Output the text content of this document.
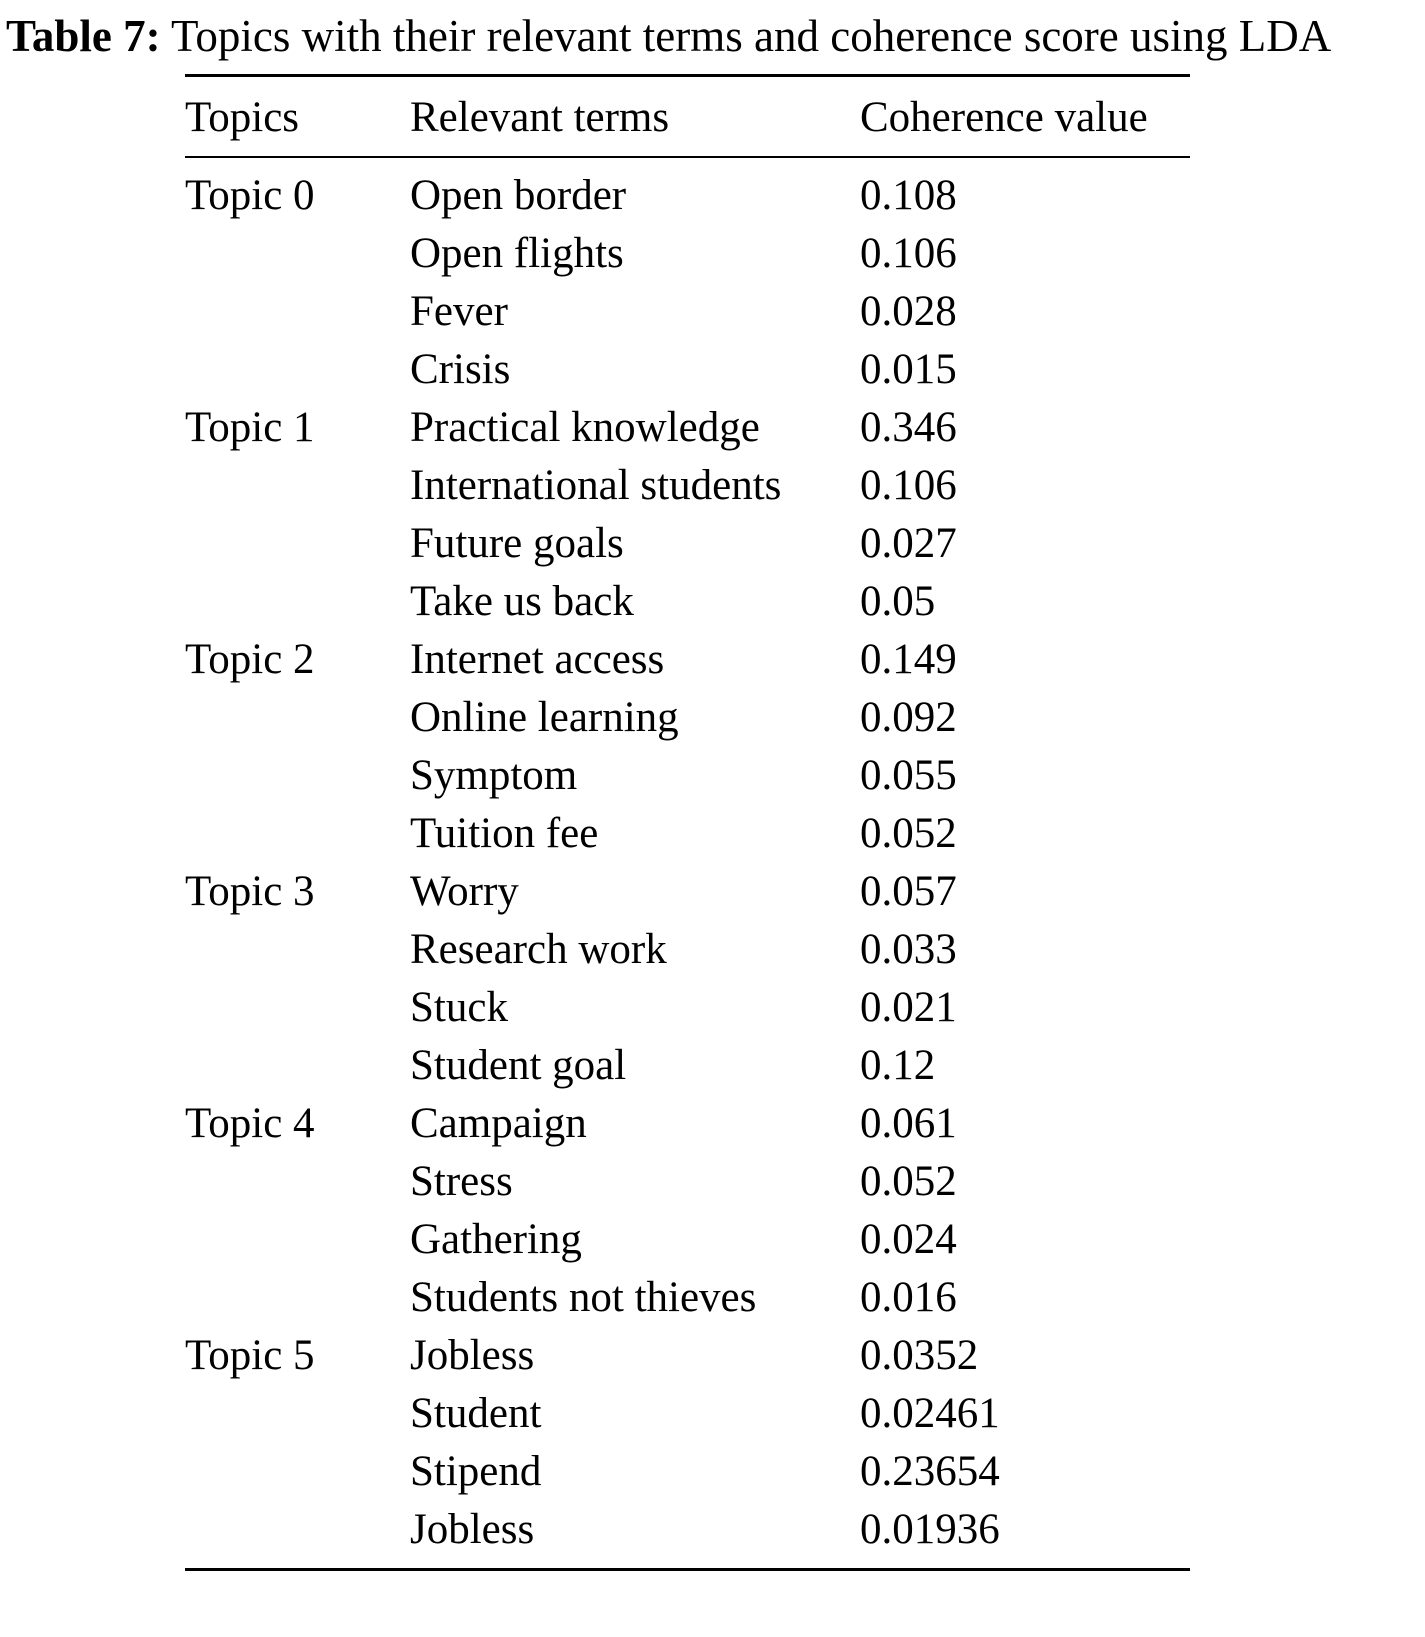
Table 7: Topics with their relevant terms and coherence score using LDA
Topics	Relevant terms	Coherence value
Topic 0	Open border	0.108
	Open flights	0.106
	Fever	0.028
	Crisis	0.015
Topic 1	Practical knowledge	0.346
	International students	0.106
	Future goals	0.027
	Take us back	0.05
Topic 2	Internet access	0.149
	Online learning	0.092
	Symptom	0.055
	Tuition fee	0.052
Topic 3	Worry	0.057
	Research work	0.033
	Stuck	0.021
	Student goal	0.12
Topic 4	Campaign	0.061
	Stress	0.052
	Gathering	0.024
	Students not thieves	0.016
Topic 5	Jobless	0.0352
	Student	0.02461
	Stipend	0.23654
	Jobless	0.01936
